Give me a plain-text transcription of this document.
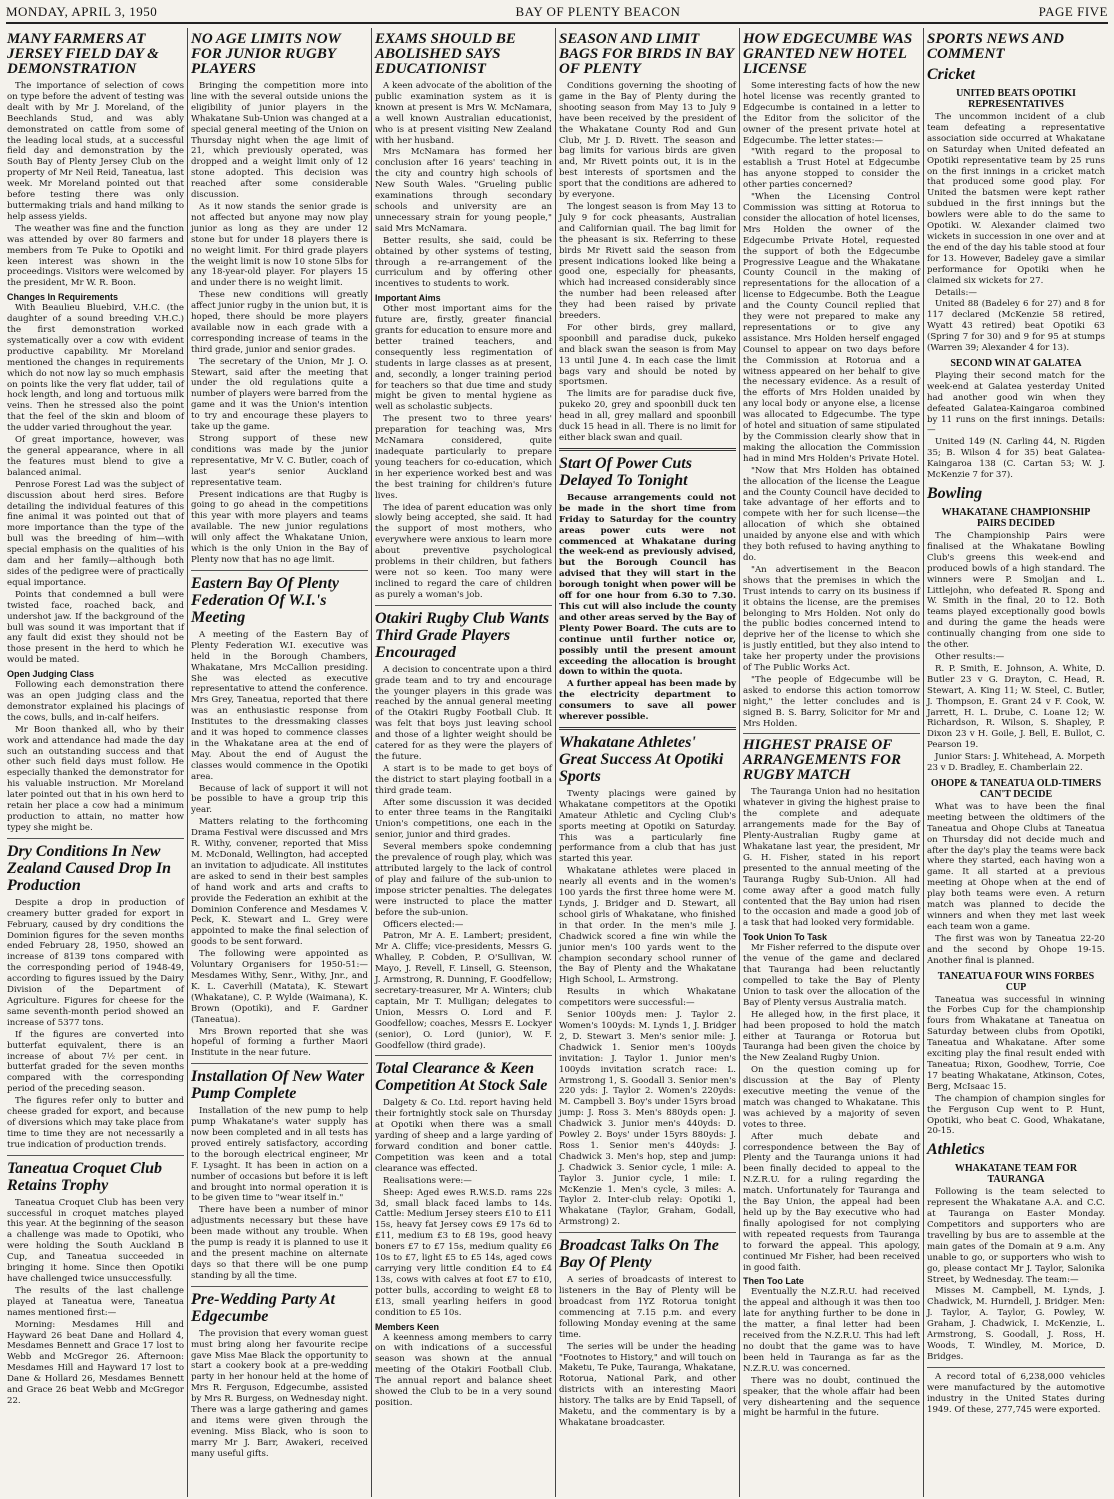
MONDAY, APRIL 3, 1950	BAY OF PLENTY BEACON	PAGE FIVE
MANY FARMERS AT JERSEY FIELD DAY & DEMONSTRATION

The importance of selection of cows on type before the advent of testing was dealt with by Mr J. Moreland, of the Beechlands Stud, and was ably demonstrated on cattle from some of the leading local studs, at a successful field day and demonstration by the South Bay of Plenty Jersey Club on the property of Mr Neil Reid, Taneatua, last week. Mr Moreland pointed out that before testing there was only buttermaking trials and hand milking to help assess yields.

The weather was fine and the function was attended by over 80 farmers and members from Te Puke to Opotiki and keen interest was shown in the proceedings. Visitors were welcomed by the president, Mr W. R. Boon.

Changes In Requirements

With Beaulieu Bluebird, V.H.C. (the daughter of a sound breeding V.H.C.) the first demonstration worked systematically over a cow with evident productive capability. Mr Moreland mentioned the changes in requirements which do not now lay so much emphasis on points like the very flat udder, tail of hock length, and long and tortuous milk veins. Then he stressed also the point that the feel of the skin and bloom of the udder varied throughout the year.

Of great importance, however, was the general appearance, where in all the features must blend to give a balanced animal.

Penrose Forest Lad was the subject of discussion about herd sires. Before detailing the individual features of this fine animal it was pointed out that of more importance than the type of the bull was the breeding of him—with special emphasis on the qualities of his dam and her family—although both sides of the pedigree were of practically equal importance.

Points that condemned a bull were twisted face, roached back, and undershot jaw. If the background of the bull was sound it was important that if any fault did exist they should not be those present in the herd to which he would be mated.

Open Judging Class

Following each demonstration there was an open judging class and the demonstrator explained his placings of the cows, bulls, and in-calf heifers.

Mr Boon thanked all, who by their work and attendance had made the day such an outstanding success and that other such field days must follow. He especially thanked the demonstrator for his valuable instruction. Mr Moreland later pointed out that in his own herd to retain her place a cow had a minimum production to attain, no matter how typey she might be.

Dry Conditions In New Zealand Caused Drop In Production

Despite a drop in production of creamery butter graded for export in February, caused by dry conditions the Dominion figures for the seven months ended February 28, 1950, showed an increase of 8139 tons compared with the corresponding period of 1948-49, according to figures issued by the Dairy Division of the Department of Agriculture. Figures for cheese for the same seventh-month period showed an increase of 5377 tons.

If the figures are converted into butterfat equivalent, there is an increase of about 7½ per cent. in butterfat graded for the seven months compared with the corresponding period of the preceding season.

The figures refer only to butter and cheese graded for export, and because of diversions which may take place from time to time they are not necessarily a true indication of production trends.

Taneatua Croquet Club Retains Trophy

Taneatua Croquet Club has been very successful in croquet matches played this year. At the beginning of the season a challenge was made to Opotiki, who were holding the South Auckland B Cup, and Taneatua succeeded in bringing it home. Since then Opotiki have challenged twice unsuccessfully.

The results of the last challenge played at Taneatua were, Taneatua names mentioned first:—

Morning: Mesdames Hill and Hayward 26 beat Dane and Hollard 4, Mesdames Bennett and Grace 17 lost to Webb and McGregor 26. Afternoon: Mesdames Hill and Hayward 17 lost to Dane & Hollard 26, Mesdames Bennett and Grace 26 beat Webb and McGregor 22.

NO AGE LIMITS NOW FOR JUNIOR RUGBY PLAYERS

Bringing the competition more into line with the several outside unions the eligibility of junior players in the Whakatane Sub-Union was changed at a special general meeting of the Union on Thursday night when the age limit of 21, which previously operated, was dropped and a weight limit only of 12 stone adopted. This decision was reached after some considerable discussion.

As it now stands the senior grade is not affected but anyone may now play junior as long as they are under 12 stone but for under 18 players there is no weight limit. For third grade players the weight limit is now 10 stone 5lbs for any 18-year-old player. For players 15 and under there is no weight limit.

These new conditions will greatly affect junior rugby in the union but, it is hoped, there should be more players available now in each grade with a corresponding increase of teams in the third grade, junior and senior grades.

The secretary of the Union, Mr J. O. Stewart, said after the meeting that under the old regulations quite a number of players were barred from the game and it was the Union's intention to try and encourage these players to take up the game.

Strong support of these new conditions was made by the junior representative, Mr V. C. Butler, coach of last year's senior Auckland representative team.

Present indications are that Rugby is going to go ahead in the competitions this year with more players and teams available. The new junior regulations will only affect the Whakatane Union, which is the only Union in the Bay of Plenty now that has no age limit.

Eastern Bay Of Plenty Federation Of W.I.'s Meeting

A meeting of the Eastern Bay of Plenty Federation W.I. executive was held in the Borough Chambers, Whakatane, Mrs McCallion presiding. She was elected as executive representative to attend the conference. Mrs Grey, Taneatua, reported that there was an enthusiastic response from Institutes to the dressmaking classes and it was hoped to commence classes in the Whakatane area at the end of May. About the end of August the classes would commence in the Opotiki area.

Because of lack of support it will not be possible to have a group trip this year.

Matters relating to the forthcoming Drama Festival were discussed and Mrs R. Withy, convener, reported that Miss M. McDonald, Wellington, had accepted an invitation to adjudicate. All institutes are asked to send in their best samples of hand work and arts and crafts to provide the Federation an exhibit at the Dominion Conference and Mesdames V. Peck, K. Stewart and L. Grey were appointed to make the final selection of goods to be sent forward.

The following were appointed as Voluntary Organisers for 1950-51:— Mesdames Withy, Senr., Withy, Jnr., and K. L. Caverhill (Matata), K. Stewart (Whakatane), C. P. Wylde (Waimana), K. Brown (Opotiki), and F. Gardner (Taneatua).

Mrs Brown reported that she was hopeful of forming a further Maori Institute in the near future.

Installation Of New Water Pump Complete

Installation of the new pump to help pump Whakatane's water supply has now been completed and in all tests has proved entirely satisfactory, according to the borough electrical engineer, Mr F. Lysaght. It has been in action on a number of occasions but before it is left and brought into normal operation it is to be given time to "wear itself in."

There have been a number of minor adjustments necessary but these have been made without any trouble. When the pump is ready it is planned to use it and the present machine on alternate days so that there will be one pump standing by all the time.

Pre-Wedding Party At Edgecumbe

The provision that every woman guest must bring along her favourite recipe gave Miss Mae Black the opportunity to start a cookery book at a pre-wedding party in her honour held at the home of Mrs R. Ferguson, Edgecumbe, assisted by Mrs R. Burgess, on Wednesday night. There was a large gathering and games and items were given through the evening. Miss Black, who is soon to marry Mr J. Barr, Awakeri, received many useful gifts.

EXAMS SHOULD BE ABOLISHED SAYS EDUCATIONIST

A keen advocate of the abolition of the public examination system as it is known at present is Mrs W. McNamara, a well known Australian educationist, who is at present visiting New Zealand with her husband.

Mrs McNamara has formed her conclusion after 16 years' teaching in the city and country high schools of New South Wales. "Grueling public examinations through secondary schools and university are an unnecessary strain for young people," said Mrs McNamara.

Better results, she said, could be obtained by other systems of testing, through a re-arrangement of the curriculum and by offering other incentives to students to work.

Important Aims

Other most important aims for the future are, firstly, greater financial grants for education to ensure more and better trained teachers, and consequently less regimentation of students in large classes as at present, and, secondly, a longer training period for teachers so that due time and study might be given to mental hygiene as well as scholastic subjects.

The present two to three years' preparation for teaching was, Mrs McNamara considered, quite inadequate particularly to prepare young teachers for co-education, which in her experience worked best and was the best training for children's future lives.

The idea of parent education was only slowly being accepted, she said. It had the support of most mothers, who everywhere were anxious to learn more about preventive psychological problems in their children, but fathers were not so keen. Too many were inclined to regard the care of children as purely a woman's job.

Otakiri Rugby Club Wants Third Grade Players Encouraged

A decision to concentrate upon a third grade team and to try and encourage the younger players in this grade was reached by the annual general meeting of the Otakiri Rugby Football Club. It was felt that boys just leaving school and those of a lighter weight should be catered for as they were the players of the future.

A start is to be made to get boys of the district to start playing football in a third grade team.

After some discussion it was decided to enter three teams in the Rangitaiki Union's competitions, one each in the senior, junior and third grades.

Several members spoke condemning the prevalence of rough play, which was attributed largely to the lack of control of play and failure of the sub-union to impose stricter penalties. The delegates were instructed to place the matter before the sub-union.

Officers elected:—

Patron, Mr A. E. Lambert; president, Mr A. Cliffe; vice-presidents, Messrs G. Whalley, P. Cobden, P. O'Sullivan, W. Mayo, J. Revell, F. Linsell, G. Steenson, J. Armstrong, R. Dunning, F. Goodfellow; secretary-treasurer, Mr A. Winters; club captain, Mr T. Mulligan; delegates to Union, Messrs O. Lord and F. Goodfellow; coaches, Messrs E. Lockyer (senior), O. Lord (junior), W. F. Goodfellow (third grade).

Total Clearance & Keen Competition At Stock Sale

Dalgety & Co. Ltd. report having held their fortnightly stock sale on Thursday at Opotiki when there was a small yarding of sheep and a large yarding of forward condition and boner cattle. Competition was keen and a total clearance was effected.

Realisations were:—

Sheep: Aged ewes R.W.S.D. rams 22s 3d, small black faced lambs to 14s. Cattle: Medium Jersey steers £10 to £11 15s, heavy fat Jersey cows £9 17s 6d to £11, medium £3 to £8 19s, good heavy boners £7 to £7 15s, medium quality £6 10s to £7, light £5 to £5 14s, aged cows carrying very little condition £4 to £4 13s, cows with calves at foot £7 to £10, potter bulls, according to weight £8 to £13, small yearling heifers in good condition to £5 10s.

Members Keen

A keenness among members to carry on with indications of a successful season was shown at the annual meeting of the Otakiri Football Club. The annual report and balance sheet showed the Club to be in a very sound position.

SEASON AND LIMIT BAGS FOR BIRDS IN BAY OF PLENTY

Conditions governing the shooting of game in the Bay of Plenty during the shooting season from May 13 to July 9 have been received by the president of the Whakatane County Rod and Gun Club, Mr J. D. Rivett. The season and bag limits for various birds are given and, Mr Rivett points out, it is in the best interests of sportsmen and the sport that the conditions are adhered to by everyone.

The longest season is from May 13 to July 9 for cock pheasants, Australian and Californian quail. The bag limit for the pheasant is six. Referring to these birds Mr Rivett said the season from present indications looked like being a good one, especially for pheasants, which had increased considerably since the number had been released after they had been raised by private breeders.

For other birds, grey mallard, spoonbill and paradise duck, pukeko and black swan the season is from May 13 until June 4. In each case the limit bags vary and should be noted by sportsmen.

The limits are for paradise duck five, pukeko 20, grey and spoonbill duck ten head in all, grey mallard and spoonbill duck 15 head in all. There is no limit for either black swan and quail.

Start Of Power Cuts Delayed To Tonight

Because arrangements could not be made in the short time from Friday to Saturday for the country areas power cuts were not commenced at Whakatane during the week-end as previously advised, but the Borough Council has advised that they will start in the borough tonight when power will be off for one hour from 6.30 to 7.30. This cut will also include the county and other areas served by the Bay of Plenty Power Board. The cuts are to continue until further notice or, possibly until the present amount exceeding the allocation is brought down to within the quota.

A further appeal has been made by the electricity department to consumers to save all power wherever possible.

Whakatane Athletes' Great Success At Opotiki Sports

Twenty placings were gained by Whakatane competitors at the Opotiki Amateur Athletic and Cycling Club's sports meeting at Opotiki on Saturday. This was a particularly fine performance from a club that has just started this year.

Whakatane athletes were placed in nearly all events and in the women's 100 yards the first three home were M. Lynds, J. Bridger and D. Stewart, all school girls of Whakatane, who finished in that order. In the men's mile J. Chadwick scored a fine win while the junior men's 100 yards went to the champion secondary school runner of the Bay of Plenty and the Whakatane High School, L. Armstrong.

Results in which Whakatane competitors were successful:—

Senior 100yds men: J. Taylor 2. Women's 100yds: M. Lynds 1, J. Bridger 2, D. Stewart 3. Men's senior mile: J. Chadwick 1. Senior men's 100yds invitation: J. Taylor 1. Junior men's 100yds invitation scratch race: L. Armstrong 1, S. Goodall 3. Senior men's 220 yds: J. Taylor 2. Women's 220yds: M. Campbell 3. Boy's under 15yrs broad jump: J. Ross 3. Men's 880yds open: J. Chadwick 3. Junior men's 440yds: D. Powley 2. Boys' under 15yrs 880yds: J. Ross 1. Senior men's 440yds: J. Chadwick 3. Men's hop, step and jump: J. Chadwick 3. Senior cycle, 1 mile: A. Taylor 3. Junior cycle, 1 mile: I. McKenzie 1. Men's cycle, 3 miles: A. Taylor 2. Inter-club relay: Opotiki 1, Whakatane (Taylor, Graham, Godall, Armstrong) 2.

Broadcast Talks On The Bay Of Plenty

A series of broadcasts of interest to listeners in the Bay of Plenty will be broadcast from 1YZ Rotorua tonight commencing at 7.15 p.m. and every following Monday evening at the same time.

The series will be under the heading "Footnotes to History," and will touch on Maketu, Te Puke, Tauranga, Whakatane, Rotorua, National Park, and other districts with an interesting Maori history. The talks are by Enid Tapsell, of Maketu, and the commentary is by a Whakatane broadcaster.

HOW EDGECUMBE WAS GRANTED NEW HOTEL LICENSE

Some interesting facts of how the new hotel license was recently granted to Edgecumbe is contained in a letter to the Editor from the solicitor of the owner of the present private hotel at Edgecumbe. The letter states:—

"With regard to the proposal to establish a Trust Hotel at Edgecumbe has anyone stopped to consider the other parties concerned?

"When the Licensing Control Commission was sitting at Rotorua to consider the allocation of hotel licenses, Mrs Holden the owner of the Edgecumbe Private Hotel, requested the support of both the Edgecumbe Progressive League and the Whakatane County Council in the making of representations for the allocation of a license to Edgecumbe. Both the League and the County Council replied that they were not prepared to make any representations or to give any assistance. Mrs Holden herself engaged Counsel to appear on two days before the Commission at Rotorua and a witness appeared on her behalf to give the necessary evidence. As a result of the efforts of Mrs Holden unaided by any local body or anyone else, a license was allocated to Edgecumbe. The type of hotel and situation of same stipulated by the Commission clearly show that in making the allocation the Commission had in mind Mrs Holden's Private Hotel.

"Now that Mrs Holden has obtained the allocation of the license the League and the County Council have decided to take advantage of her efforts and to compete with her for such license—the allocation of which she obtained unaided by anyone else and with which they both refused to having anything to do.

"An advertisement in the Beacon shows that the premises in which the Trust intends to carry on its business if it obtains the license, are the premises belonging to Mrs Holden. Not only do the public bodies concerned intend to deprive her of the license to which she is justly entitled, but they also intend to take her property under the provisions of The Public Works Act.

"The people of Edgecumbe will be asked to endorse this action tomorrow night," the letter concludes and is signed B. S. Barry, Solicitor for Mr and Mrs Holden.

HIGHEST PRAISE OF ARRANGEMENTS FOR RUGBY MATCH

The Tauranga Union had no hesitation whatever in giving the highest praise to the complete and adequate arrangements made for the Bay of Plenty-Australian Rugby game at Whakatane last year, the president, Mr G. H. Fisher, stated in his report presented to the annual meeting of the Tauranga Rugby Sub-Union. All had come away after a good match fully contented that the Bay union had risen to the occasion and made a good job of a task that had looked very formidable.

Took Union To Task

Mr Fisher referred to the dispute over the venue of the game and declared that Tauranga had been reluctantly compelled to take the Bay of Plenty Union to task over the allocation of the Bay of Plenty versus Australia match.

He alleged how, in the first place, it had been proposed to hold the match either at Tauranga or Rotorua but Tauranga had been given the choice by the New Zealand Rugby Union.

On the question coming up for discussion at the Bay of Plenty executive meeting the venue of the match was changed to Whakatane. This was achieved by a majority of seven votes to three.

After much debate and correspondence between the Bay of Plenty and the Tauranga unions it had been finally decided to appeal to the N.Z.R.U. for a ruling regarding the match. Unfortunately for Tauranga and the Bay Union, the appeal had been held up by the Bay executive who had finally apologised for not complying with repeated requests from Tauranga to forward the appeal. This apology, continued Mr Fisher, had been received in good faith.

Then Too Late

Eventually the N.Z.R.U. had received the appeal and although it was then too late for anything further to be done in the matter, a final letter had been received from the N.Z.R.U. This had left no doubt that the game was to have been held in Tauranga as far as the N.Z.R.U. was concerned.

There was no doubt, continued the speaker, that the whole affair had been very disheartening and the sequence might be harmful in the future.

SPORTS NEWS AND COMMENT
Cricket
UNITED BEATS OPOTIKI REPRESENTATIVES

The uncommon incident of a club team defeating a representative association side occurred at Whakatane on Saturday when United defeated an Opotiki representative team by 25 runs on the first innings in a cricket match that produced some good play. For United the batsmen were kept rather subdued in the first innings but the bowlers were able to do the same to Opotiki. W. Alexander claimed two wickets in succession in one over and at the end of the day his table stood at four for 13. However, Badeley gave a similar performance for Opotiki when he claimed six wickets for 27.

Details:—

United 88 (Badeley 6 for 27) and 8 for 117 declared (McKenzie 58 retired, Wyatt 43 retired) beat Opotiki 63 (Spring 7 for 30) and 9 for 95 at stumps (Warren 39; Alexander 4 for 13).

SECOND WIN AT GALATEA

Playing their second match for the week-end at Galatea yesterday United had another good win when they defeated Galatea-Kaingaroa combined by 11 runs on the first innings. Details:—

United 149 (N. Carling 44, N. Rigden 35; B. Wilson 4 for 35) beat Galatea-Kaingaroa 138 (C. Cartan 53; W. J. McKenzie 7 for 37).

Bowling
WHAKATANE CHAMPIONSHIP PAIRS DECIDED

The Championship Pairs were finalised at the Whakatane Bowling Club's greens this week-end and produced bowls of a high standard. The winners were P. Smoljan and L. Littlejohn, who defeated R. Spong and W. Smith in the final, 20 to 12. Both teams played exceptionally good bowls and during the game the heads were continually changing from one side to the other.

Other results:—

R. P. Smith, E. Johnson, A. White, D. Butler 23 v G. Drayton, C. Head, R. Stewart, A. King 11; W. Steel, C. Butler, J. Thompson, E. Grant 24 v F. Cook, W. Jarrett, H. L. Drube, C. Loane 12; W. Richardson, R. Wilson, S. Shapley, P. Dixon 23 v H. Goile, J. Bell, E. Bullot, C. Pearson 19.

Junior Stars: J. Whitehead, A. Morpeth 23 v D. Bradley, E. Chamberlain 22.

OHOPE & TANEATUA OLD-TIMERS CAN'T DECIDE

What was to have been the final meeting between the oldtimers of the Taneatua and Ohope Clubs at Taneatua on Thursday did not decide much and after the day's play the teams were back where they started, each having won a game. It all started at a previous meeting at Ohope when at the end of play both teams were even. A return match was planned to decide the winners and when they met last week each team won a game.

The first was won by Taneatua 22-20 and the second by Ohope 19-15. Another final is planned.

TANEATUA FOUR WINS FORBES CUP

Taneatua was successful in winning the Forbes Cup for the championship fours from Whakatane at Taneatua on Saturday between clubs from Opotiki, Taneatua and Whakatane. After some exciting play the final result ended with Taneatua; Rixon, Goodhew, Torrie, Coe 17 beating Whakatane, Atkinson, Cotes, Berg, McIsaac 15.

The champion of champion singles for the Ferguson Cup went to P. Hunt, Opotiki, who beat C. Good, Whakatane, 20-15.

Athletics
WHAKATANE TEAM FOR TAURANGA

Following is the team selected to represent the Whakatane A.A. and C.C. at Tauranga on Easter Monday. Competitors and supporters who are travelling by bus are to assemble at the main gates of the Domain at 9 a.m. Any unable to go, or supporters who wish to go, please contact Mr J. Taylor, Salonika Street, by Wednesday. The team:—

Misses M. Campbell, M. Lynds, J. Chadwick, M. Hurndell, J. Bridger. Men: J. Taylor, A. Taylor, G. Powley, W. Graham, J. Chadwick, I. McKenzie, L. Armstrong, S. Goodall, J. Ross, H. Woods, T. Windley, M. Morice, D. Bridges.

A record total of 6,238,000 vehicles were manufactured by the automotive industry in the United States during 1949. Of these, 277,745 were exported.
